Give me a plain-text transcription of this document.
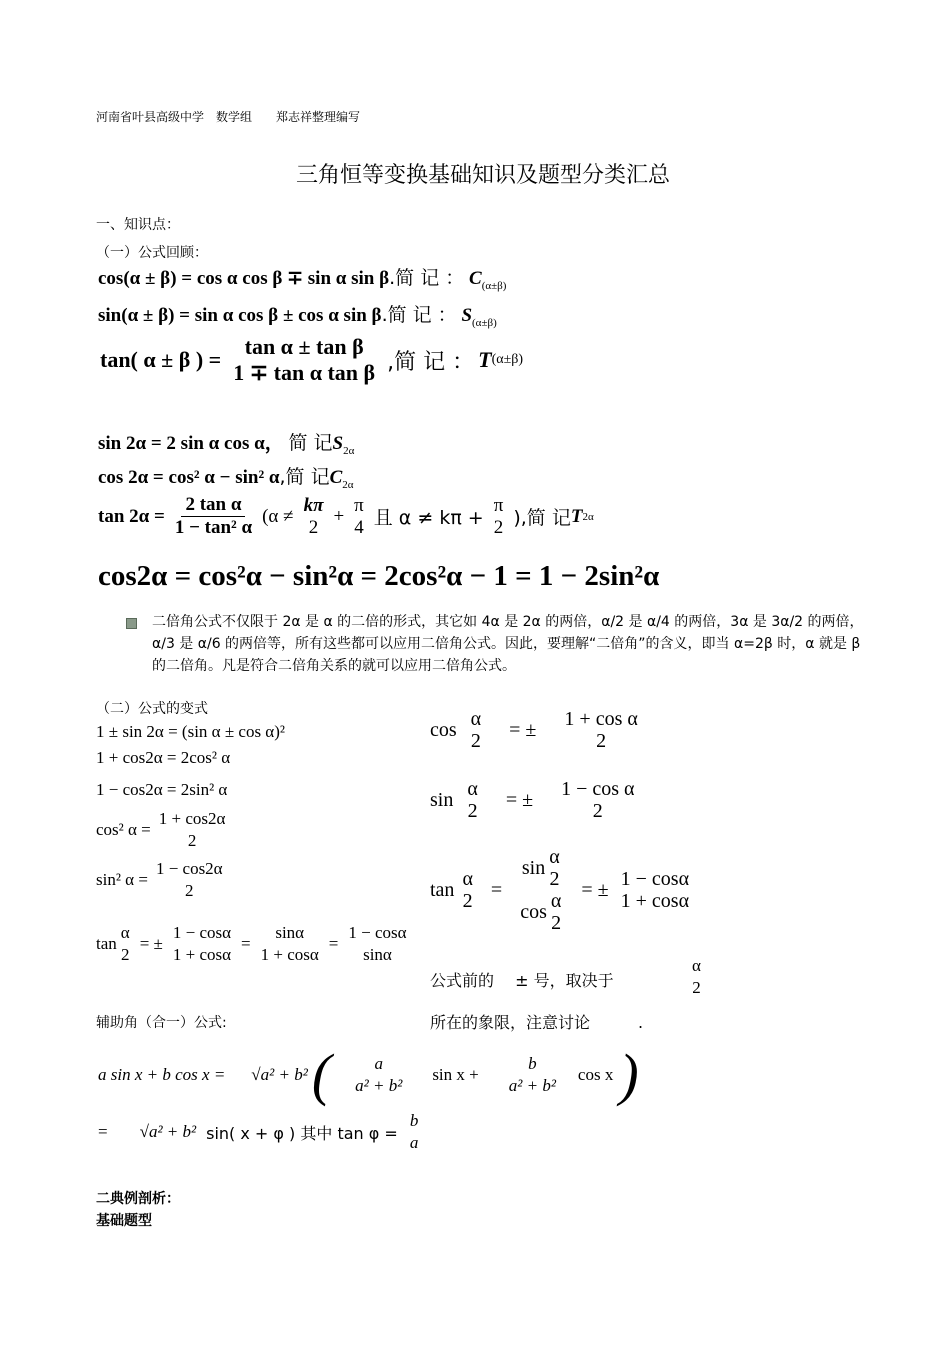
河南省叶县高级中学　数学组　　郑志祥整理编写
三角恒等变换基础知识及题型分类汇总
一、知识点：
（一）公式回顾：
cos(α ± β) = cos α cos β ∓ sin α sin β.简 记 ： $C_{(\alpha\pm\beta)}$
sin(α ± β) = sin α cos β ± cos α sin β.简 记 ： $S_{(\alpha\pm\beta)}$
tan( α ± β ) =
tan α ± tan β
1 ∓ tan α tan β ,简 记 ： T (α±β)
sin 2α = 2 sin α cos α， 简 记$S_{2\alpha}$
cos 2α = cos² α − sin² α,简 记$C_{2\alpha}$
$\tan 2\alpha = \frac{\text{2 tan α}}{\text{1 − tan² α}} (\alpha$ ≠
kπ
2
+
π
4 且 α ≠ kπ +
π
2 ),简 记 T 2α
cos2α = cos²α − sin²α = 2cos²α − 1 = 1 − 2sin²α
二倍角公式不仅限于 2α 是 α 的二倍的形式，其它如 4α 是 2α 的两倍，α/2 是 α/4 的两倍，3α 是 3α/2 的两倍，α/3 是 α/6 的两倍等，所有这些都可以应用二倍角公式。因此，要理解“二倍角”的含义，即当 α=2β 时，α 就是 β 的二倍角。凡是符合二倍角关系的就可以应用二倍角公式。
（二）公式的变式
1 ± sin 2α = (sin α ± cos α)²
1 + cos2α = 2cos² α
1 − cos2α = 2sin² α
cos² α =
1 + cos2α
2
sin² α =
1 − cos2α
2
tan
α
2
= ±
1 − cosα
1 + cosα
=
sinα
1 + cosα
=
1 − cosα
sinα
cos α
2
= ± 1 + cos α
2
sin α
2
= ± 1 − cos α
2
tan α
2
=
sin α
2
cos α
2
= ± 1 − cosα
1 + cosα
公式前的　 ± 号，取决于
α
2
所在的象限，注意讨论　　　.
辅助角（合一）公式:
a sin x + b cos x = √ a² + b² (	a
a² + b²
sin x +
b
a² + b²
cos x )
= √ a² + b² sin( x + φ ) 其中 tan φ =
b
a
二典例剖析：
基础题型
